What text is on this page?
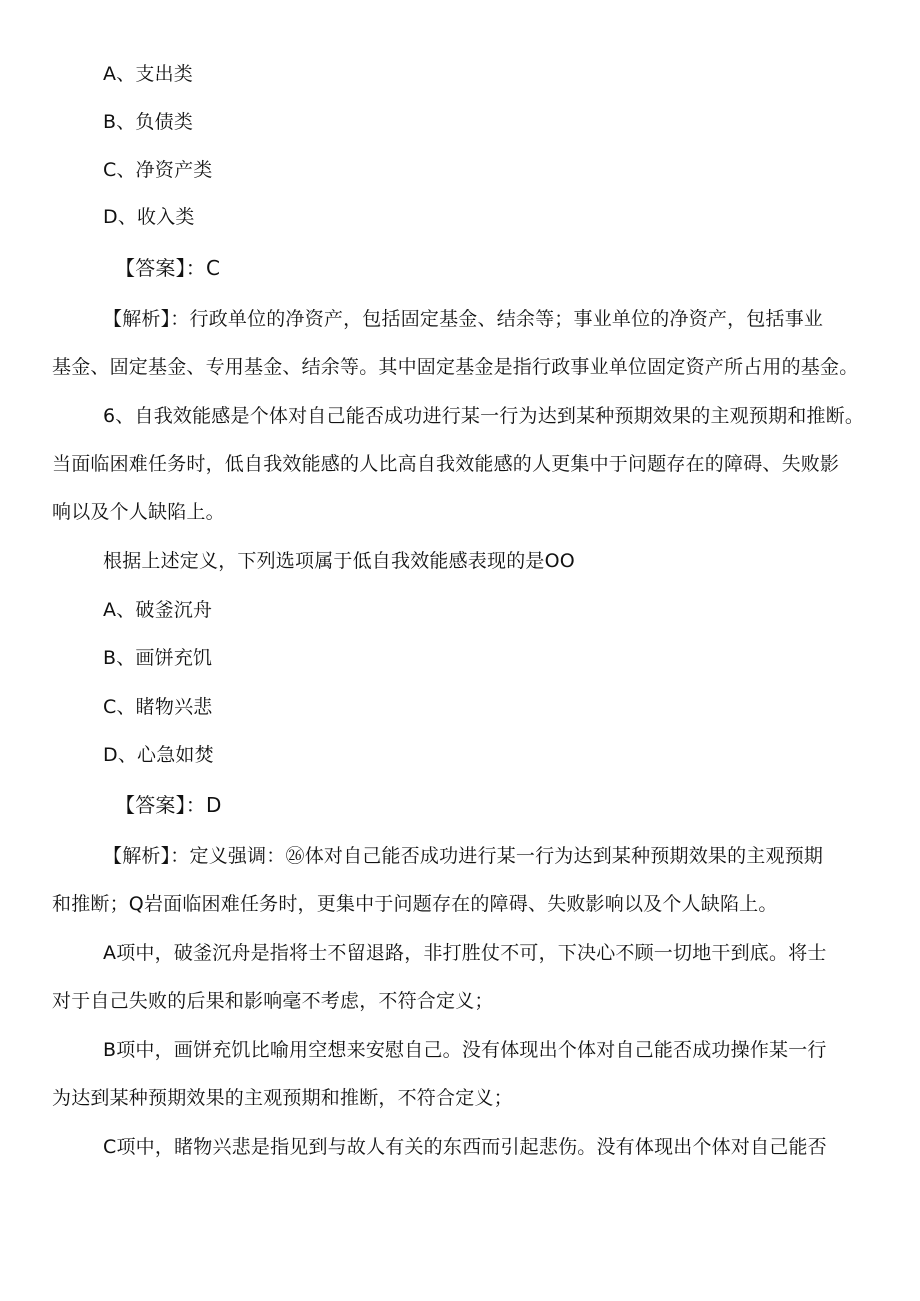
A、支出类
B、负债类
C、净资产类
D、收入类
【答案】：C
【解析】：行政单位的净资产，包括固定基金、结余等；事业单位的净资产，包括事业
基金、固定基金、专用基金、结余等。其中固定基金是指行政事业单位固定资产所占用的基金。
6、自我效能感是个体对自己能否成功进行某一行为达到某种预期效果的主观预期和推断。
当面临困难任务时，低自我效能感的人比高自我效能感的人更集中于问题存在的障碍、失败影
响以及个人缺陷上。
根据上述定义，下列选项属于低自我效能感表现的是OO
A、破釜沉舟
B、画饼充饥
C、睹物兴悲
D、心急如焚
【答案】：D
【解析】：定义强调：㉖体对自己能否成功进行某一行为达到某种预期效果的主观预期
和推断；Q岩面临困难任务时，更集中于问题存在的障碍、失败影响以及个人缺陷上。
A项中，破釜沉舟是指将士不留退路，非打胜仗不可，下决心不顾一切地干到底。将士
对于自己失败的后果和影响毫不考虑，不符合定义；
B项中，画饼充饥比喻用空想来安慰自己。没有体现出个体对自己能否成功操作某一行
为达到某种预期效果的主观预期和推断，不符合定义；
C项中，睹物兴悲是指见到与故人有关的东西而引起悲伤。没有体现出个体对自己能否
